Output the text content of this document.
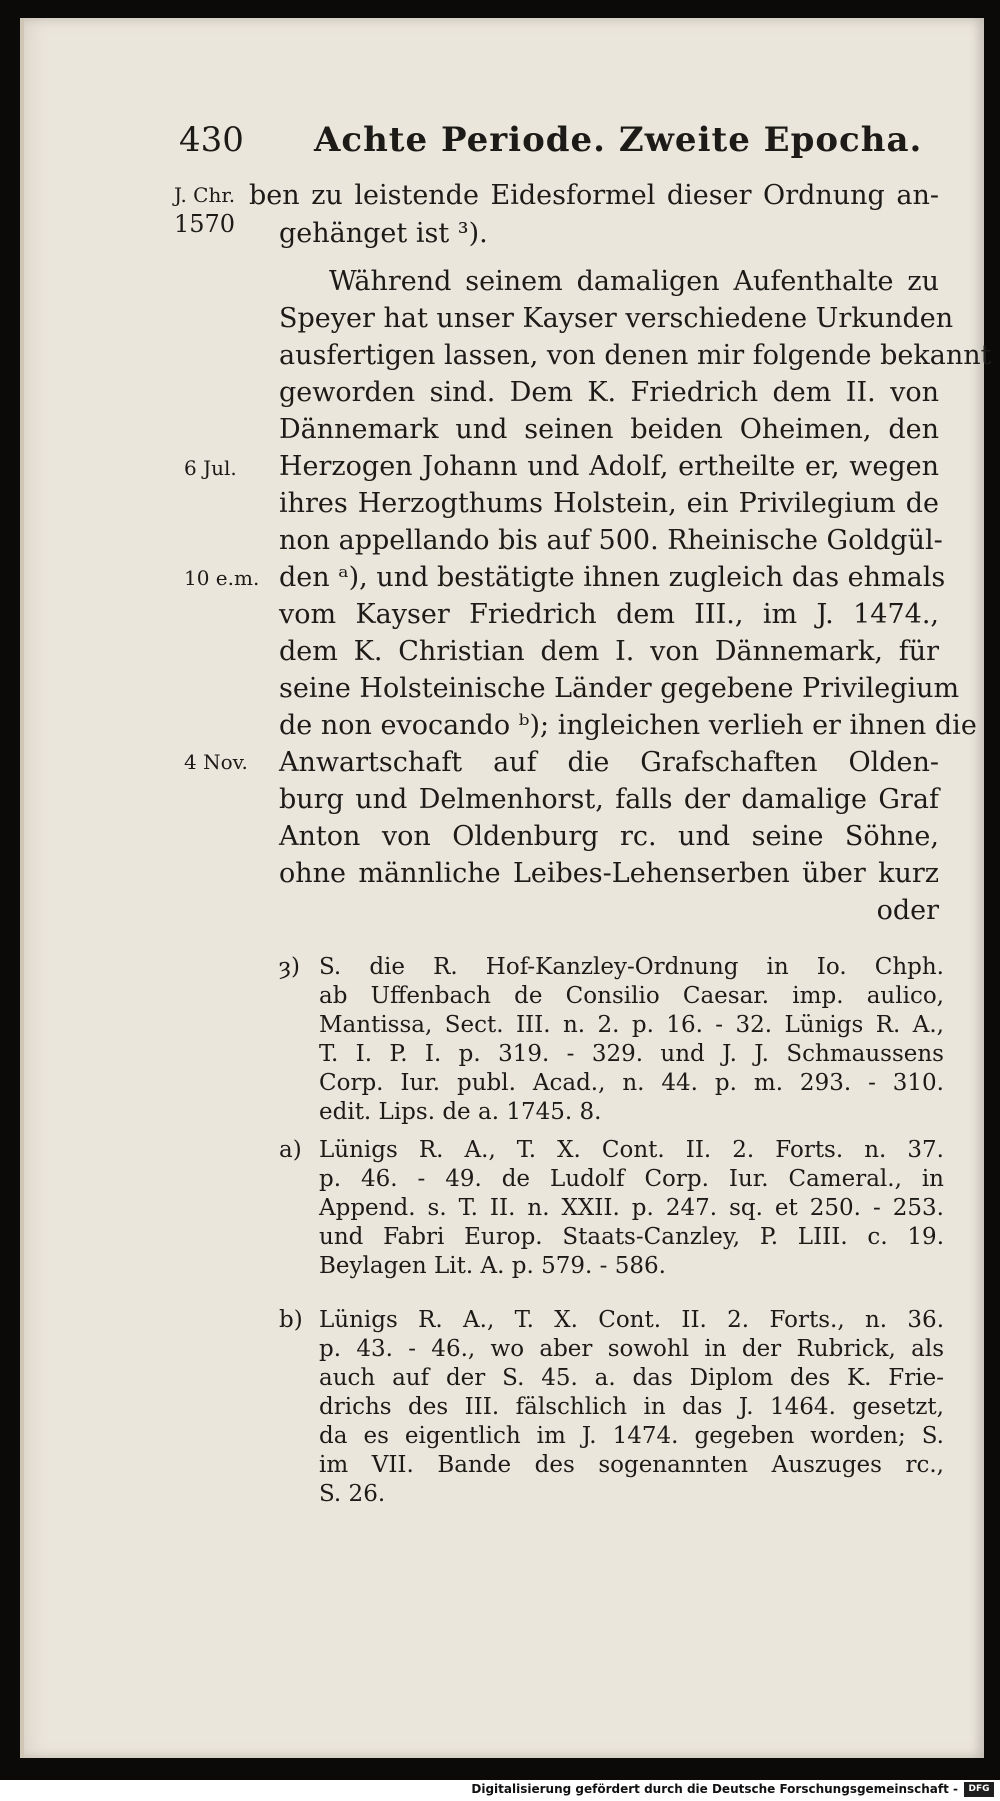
430 Achte Periode. Zweite Epocha.
J. Chr.
1570
6 Jul.
10 e.m.
4 Nov.
ben zu leistende Eidesformel dieser Ordnung an-
gehänget ist ³).
Während seinem damaligen Aufenthalte zu
Speyer hat unser Kayser verschiedene Urkunden
ausfertigen lassen, von denen mir folgende bekannt
geworden sind. Dem K. Friedrich dem II. von
Dännemark und seinen beiden Oheimen, den
Herzogen Johann und Adolf, ertheilte er, wegen
ihres Herzogthums Holstein, ein Privilegium de
non appellando bis auf 500. Rheinische Goldgül-
den ᵃ), und bestätigte ihnen zugleich das ehmals
vom Kayser Friedrich dem III., im J. 1474.,
dem K. Christian dem I. von Dännemark, für
seine Holsteinische Länder gegebene Privilegium
de non evocando ᵇ); ingleichen verlieh er ihnen die
Anwartschaft auf die Grafschaften Olden-
burg und Delmenhorst, falls der damalige Graf
Anton von Oldenburg rc. und seine Söhne,
ohne männliche Leibes-Lehenserben über kurz
oder
ȝ) S. die R. Hof-Kanzley-Ordnung in Io. Chph.
ab Uffenbach de Consilio Caesar. imp. aulico,
Mantissa, Sect. III. n. 2. p. 16. - 32. Lünigs R. A.,
T. I. P. I. p. 319. - 329. und J. J. Schmaussens
Corp. Iur. publ. Acad., n. 44. p. m. 293. - 310.
edit. Lips. de a. 1745. 8.
a) Lünigs R. A., T. X. Cont. II. 2. Forts. n. 37.
p. 46. - 49. de Ludolf Corp. Iur. Cameral., in
Append. s. T. II. n. XXII. p. 247. sq. et 250. - 253.
und Fabri Europ. Staats-Canzley, P. LIII. c. 19.
Beylagen Lit. A. p. 579. - 586.
b) Lünigs R. A., T. X. Cont. II. 2. Forts., n. 36.
p. 43. - 46., wo aber sowohl in der Rubrick, als
auch auf der S. 45. a. das Diplom des K. Frie-
drichs des III. fälschlich in das J. 1464. gesetzt,
da es eigentlich im J. 1474. gegeben worden; S.
im VII. Bande des sogenannten Auszuges rc.,
S. 26.
Digitalisierung gefördert durch die Deutsche Forschungsgemeinschaft -	DFG
